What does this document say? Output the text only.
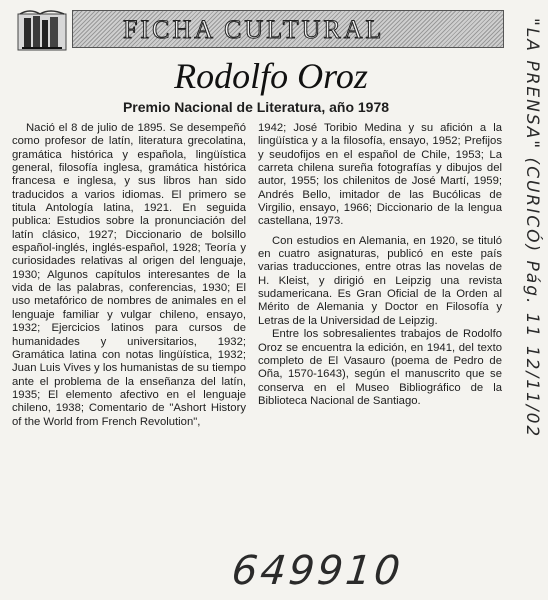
FICHA CULTURAL
Rodolfo Oroz
Premio Nacional de Literatura, año 1978

Nació el 8 de julio de 1895. Se desempeñó como profesor de latín, literatura grecolatina, gramática histórica y española, lingüística general, filosofía inglesa, gramática histórica francesa e inglesa, y sus libros han sido traducidos a varios idiomas. El primero se titula Antología latina, 1921. En seguida publica: Estudios sobre la pronunciación del latín clásico, 1927; Diccionario de bolsillo español-inglés, inglés-español, 1928; Teoría y curiosidades relativas al origen del lenguaje, 1930; Algunos capítulos interesantes de la vida de las palabras, conferencias, 1930; El uso metafórico de nombres de animales en el lenguaje familiar y vulgar chileno, ensayo, 1932; Ejercicios latinos para cursos de humanidades y universitarios, 1932; Gramática latina con notas lingüística, 1932; Juan Luis Vives y los humanistas de su tiempo ante el problema de la enseñanza del latín, 1935; El elemento afectivo en el lenguaje chileno, 1938; Comentario de "Ashort History of the World from French Revolution",

1942; José Toribio Medina y su afición a la lingüística y a la filosofía, ensayo, 1952; Prefijos y seudofijos en el español de Chile, 1953; La carreta chilena sureña fotografías y dibujos del autor, 1955; los chilenitos de José Martí, 1959; Andrés Bello, imitador de las Bucólicas de Virgilio, ensayo, 1966; Diccionario de la lengua castellana, 1973.

Con estudios en Alemania, en 1920, se tituló en cuatro asignaturas, publicó en este país varias traducciones, entre otras las novelas de H. Kleist, y dirigió en Leipzig una revista sudamericana. Es Gran Oficial de la Orden al Mérito de Alemania y Doctor en Filosofía y Letras de la Universidad de Leipzig.

Entre los sobresalientes trabajos de Rodolfo Oroz se encuentra la edición, en 1941, del texto completo de El Vasauro (poema de Pedro de Oña, 1570-1643), según el manuscrito que se conserva en el Museo Bibliográfico de la Biblioteca Nacional de Santiago.	"LA PRENSA" (CURICÓ) Pág. 11 12/11/02
649910
